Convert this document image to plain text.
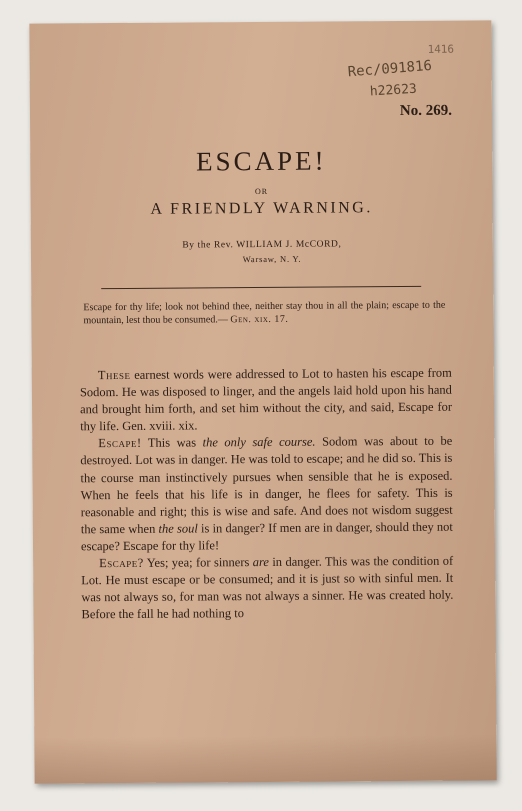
1416
Rec/091816
h22623
No. 269.
ESCAPE!
OR
A FRIENDLY WARNING.
By the Rev. WILLIAM J. McCORD,
Warsaw, N. Y.
Escape for thy life; look not behind thee, neither stay thou in all the plain; escape to the mountain, lest thou be consumed.— Gen. xix. 17.

These earnest words were addressed to Lot to hasten his escape from Sodom. He was disposed to linger, and the angels laid hold upon his hand and brought him forth, and set him without the city, and said, Escape for thy life. Gen. xviii. xix.

Escape! This was the only safe course. Sodom was about to be destroyed. Lot was in danger. He was told to escape; and he did so. This is the course man instinctively pursues when sensible that he is exposed. When he feels that his life is in danger, he flees for safety. This is reasonable and right; this is wise and safe. And does not wisdom suggest the same when the soul is in danger? If men are in danger, should they not escape? Escape for thy life!

Escape? Yes; yea; for sinners are in danger. This was the condition of Lot. He must escape or be consumed; and it is just so with sinful men. It was not always so, for man was not always a sinner. He was created holy. Before the fall he had nothing to
